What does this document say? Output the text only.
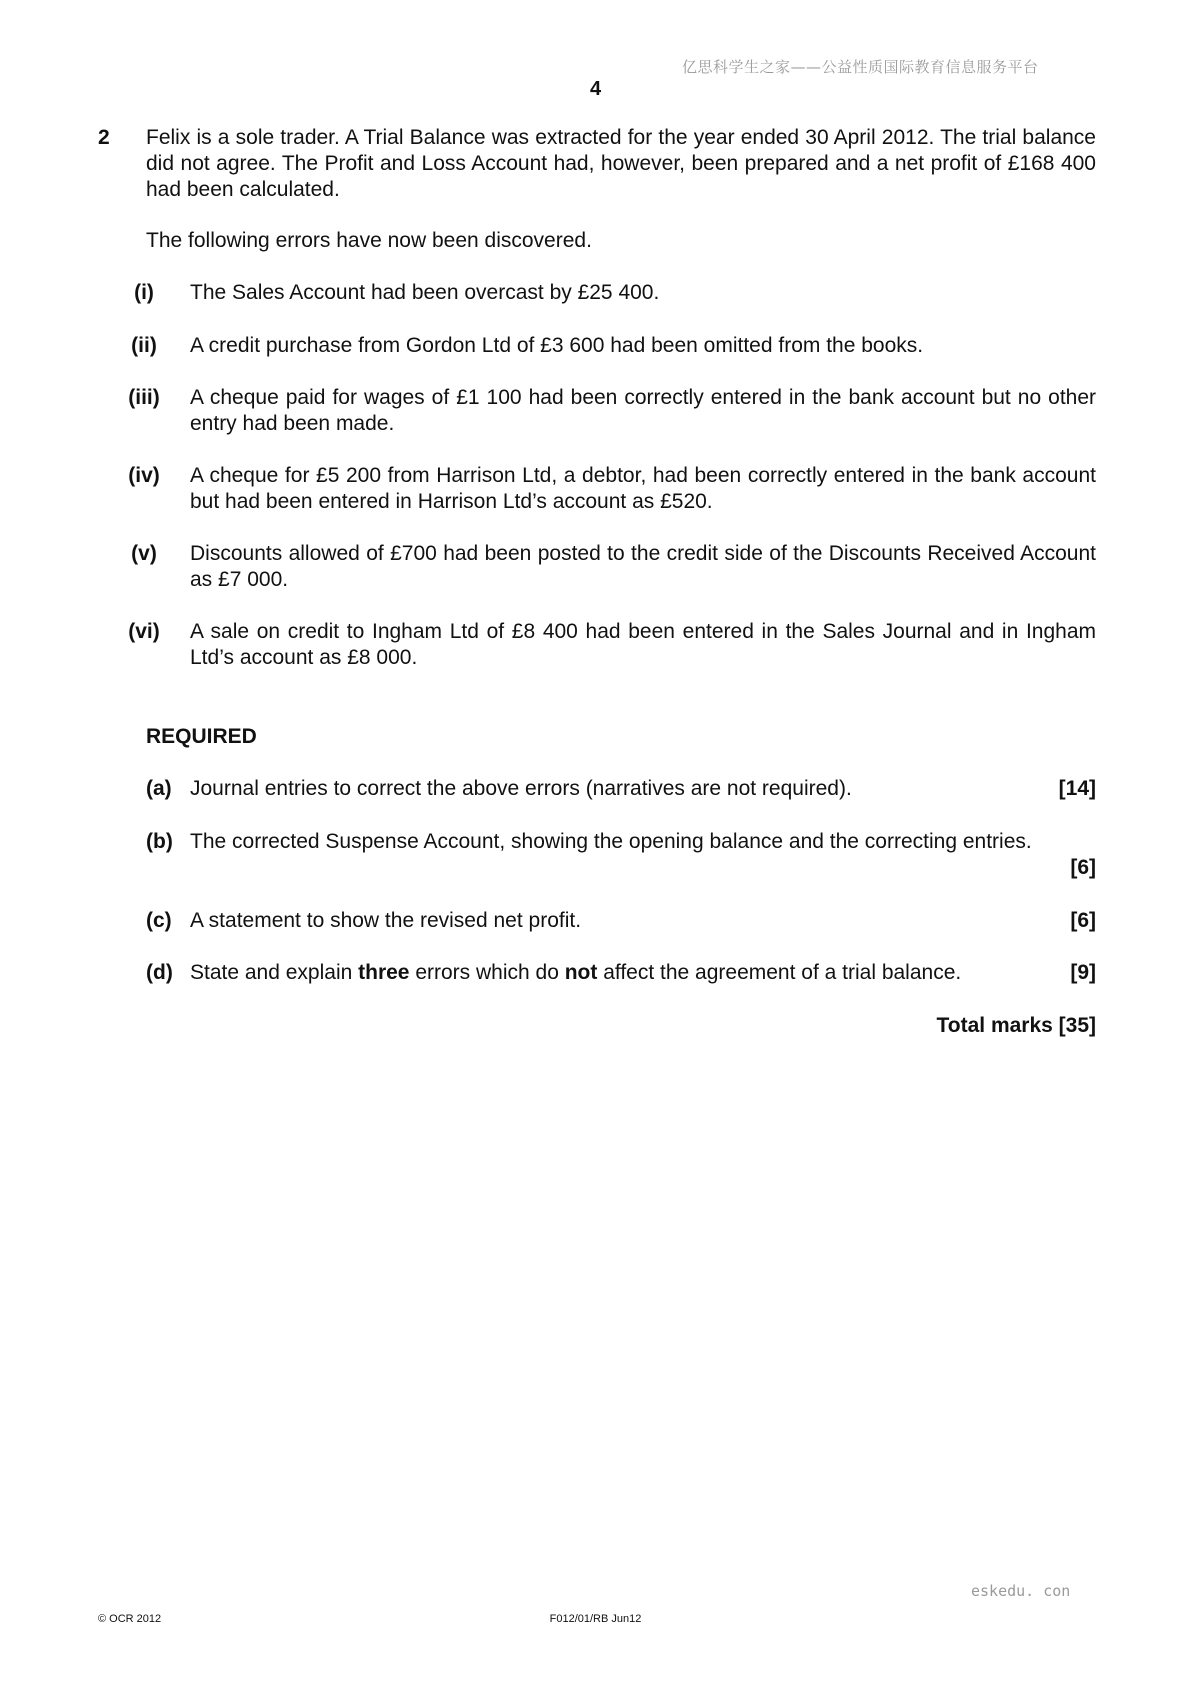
亿思科学生之家——公益性质国际教育信息服务平台
4
2 Felix is a sole trader. A Trial Balance was extracted for the year ended 30 April 2012. The trial balance did not agree. The Profit and Loss Account had, however, been prepared and a net profit of £168 400 had been calculated.
The following errors have now been discovered.
(i)	The Sales Account had been overcast by £25 400.
(ii)	A credit purchase from Gordon Ltd of £3 600 had been omitted from the books.
(iii)	A cheque paid for wages of £1 100 had been correctly entered in the bank account but no other entry had been made.
(iv)	A cheque for £5 200 from Harrison Ltd, a debtor, had been correctly entered in the bank account but had been entered in Harrison Ltd’s account as £520.
(v)	Discounts allowed of £700 had been posted to the credit side of the Discounts Received Account as £7 000.
(vi)	A sale on credit to Ingham Ltd of £8 400 had been entered in the Sales Journal and in Ingham Ltd’s account as £8 000.
REQUIRED
(a) Journal entries to correct the above errors (narratives are not required).	[14]
(b) The corrected Suspense Account, showing the opening balance and the correcting entries.
[6]
(c) A statement to show the revised net profit.	[6]
(d) State and explain three errors which do not affect the agreement of a trial balance.	[9]
Total marks [35]
eskedu. con
© OCR 2012	F012/01/RB Jun12
